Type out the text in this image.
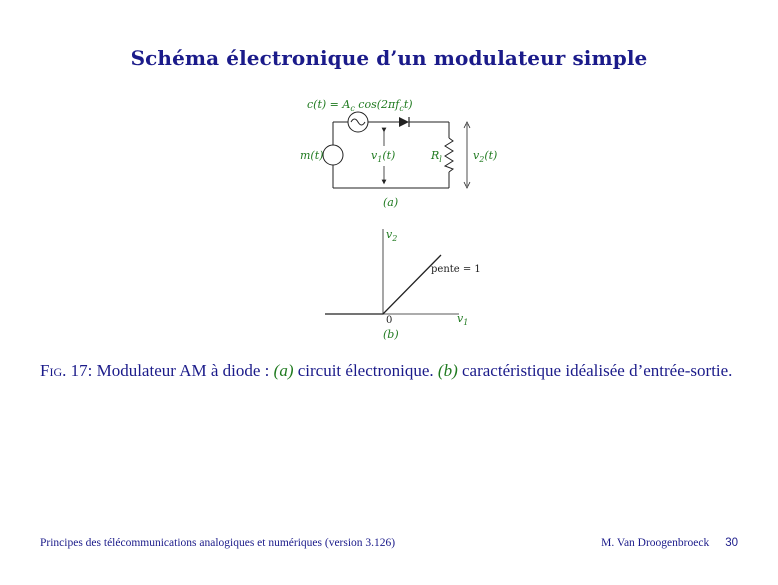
Schéma électronique d’un modulateur simple
$c(t) = A_c$ $\cos(2\pi f_ct)$
m(t)	$v_1(t)$	$R_l$	$v_2(t)$
(a)
$v_2$
$v_1$
0
pente = 1
(b)
Fig. 17: Modulateur AM à diode : (a) circuit électronique. (b) caractéristique idéalisée d’entrée-sortie.
Principes des télécommunications analogiques et numériques (version 3.126)	M. Van Droogenbroeck 30
